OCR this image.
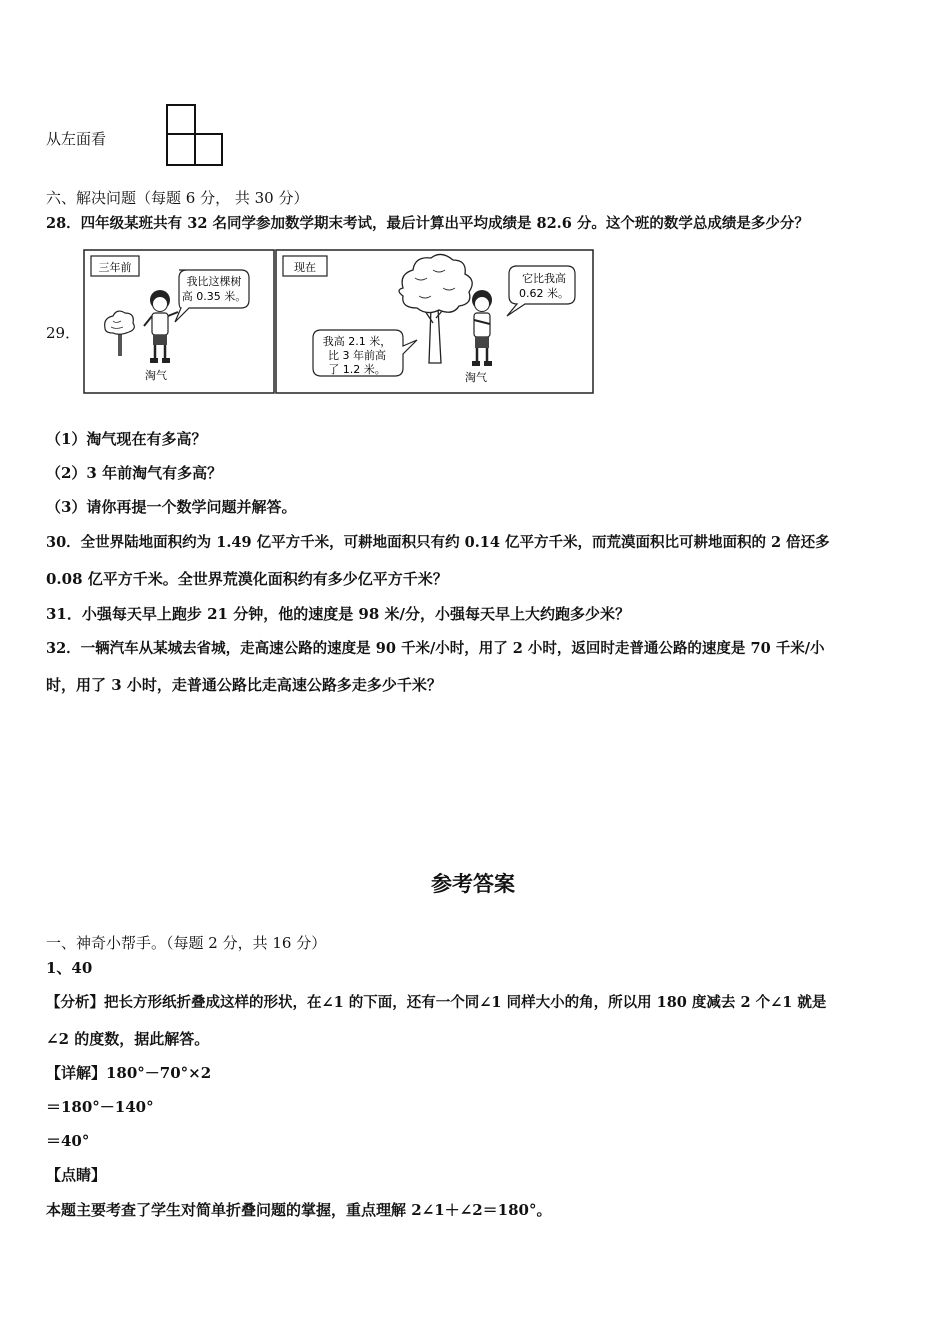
从左面看
六、解决问题（每题 6 分， 共 30 分）
28．四年级某班共有 32 名同学参加数学期末考试，最后计算出平均成绩是 82.6 分。这个班的数学总成绩是多少分？
29．
三年前
我比这棵树
高 0.35 米。
淘气
现在
它比我高
0.62 米。
我高 2.1 米，
比 3 年前高
了 1.2 米。
淘气
（1）淘气现在有多高？
（2）3 年前淘气有多高？
（3）请你再提一个数学问题并解答。
30．全世界陆地面积约为 1.49 亿平方千米，可耕地面积只有约 0.14 亿平方千米，而荒漠面积比可耕地面积的 2 倍还多
0.08 亿平方千米。全世界荒漠化面积约有多少亿平方千米？
31．小强每天早上跑步 21 分钟，他的速度是 98 米/分，小强每天早上大约跑多少米？
32．一辆汽车从某城去省城，走高速公路的速度是 90 千米/小时，用了 2 小时，返回时走普通公路的速度是 70 千米/小
时，用了 3 小时，走普通公路比走高速公路多走多少千米？
参考答案
一、神奇小帮手。（每题 2 分，共 16 分）
1、40
【分析】把长方形纸折叠成这样的形状，在∠1 的下面，还有一个同∠1 同样大小的角，所以用 180 度减去 2 个∠1 就是
∠2 的度数，据此解答。
【详解】180°－70°×2
＝180°－140°
＝40°
【点睛】
本题主要考查了学生对简单折叠问题的掌握，重点理解 2∠1＋∠2＝180°。
